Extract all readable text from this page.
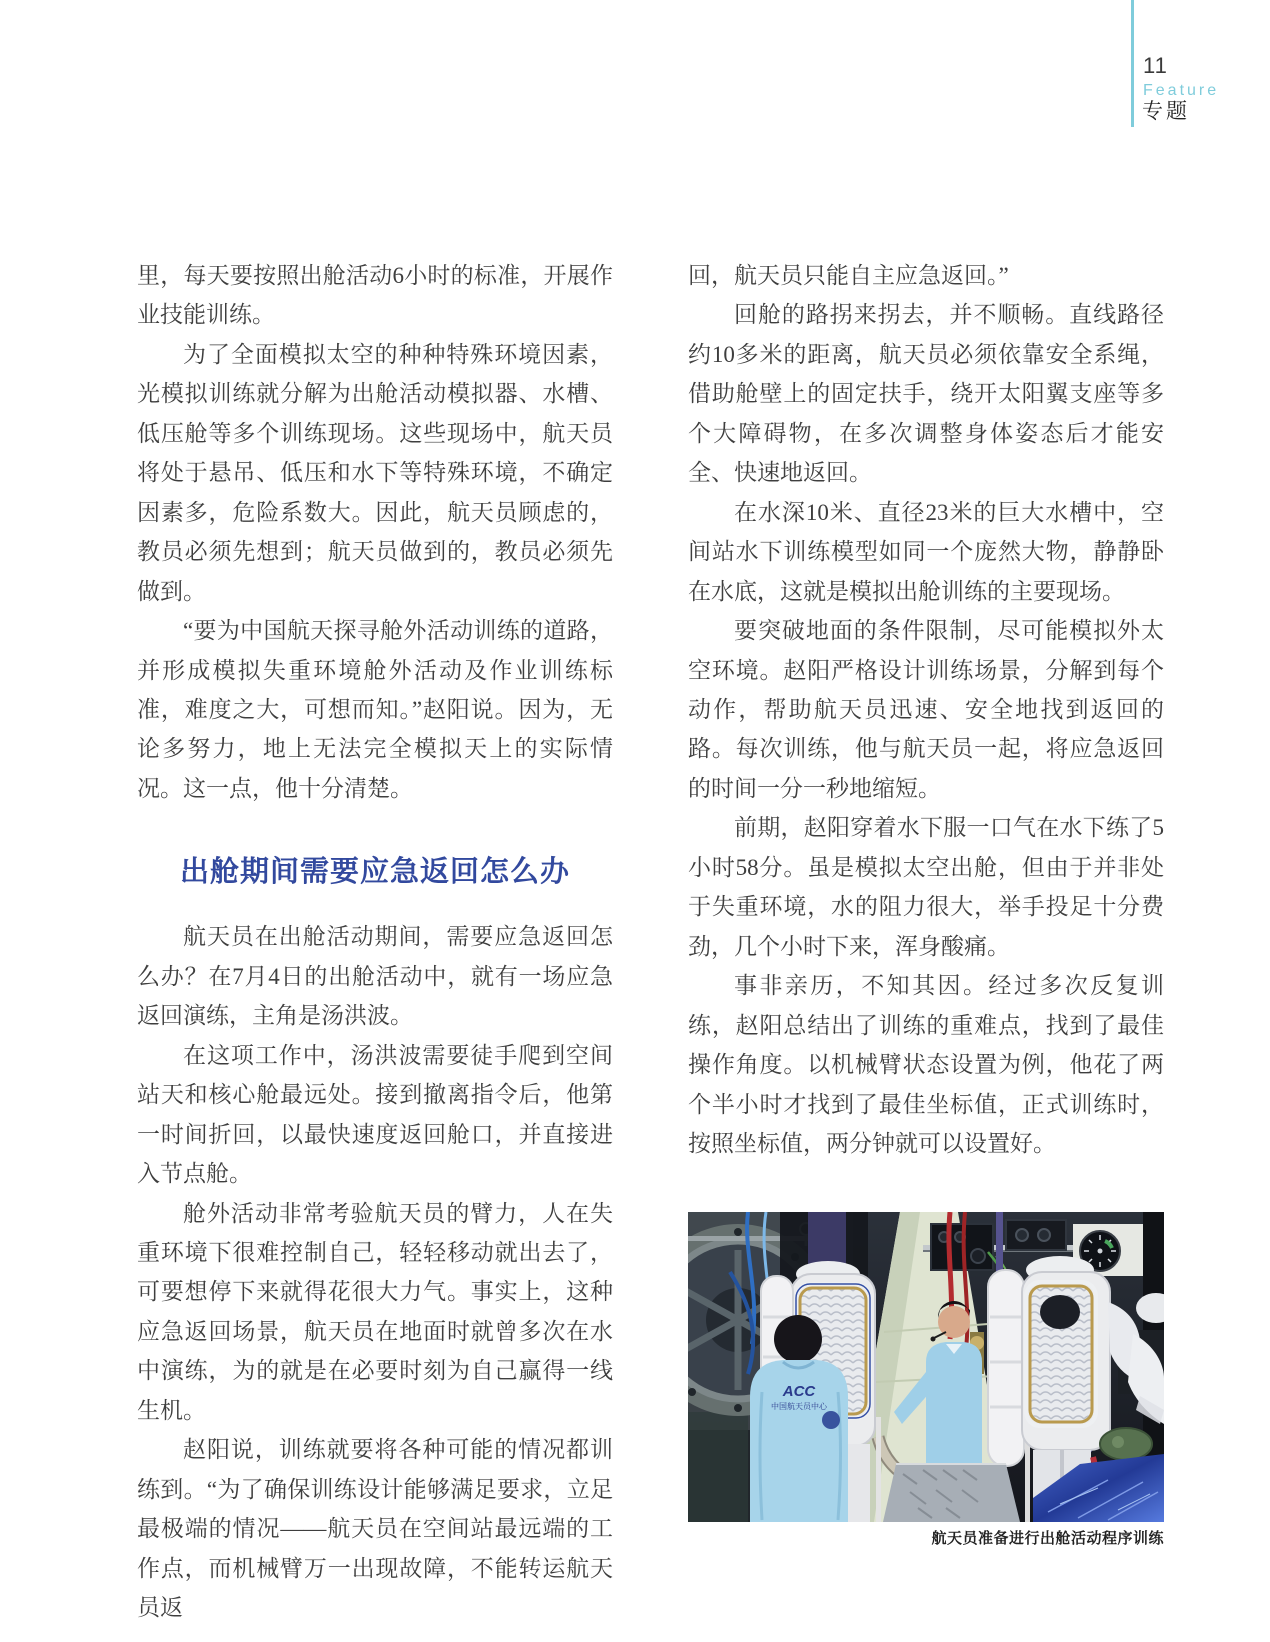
11
Feature
专题

里，每天要按照出舱活动6小时的标准，开展作业技能训练。

为了全面模拟太空的种种特殊环境因素，光模拟训练就分解为出舱活动模拟器、水槽、低压舱等多个训练现场。这些现场中，航天员将处于悬吊、低压和水下等特殊环境，不确定因素多，危险系数大。因此，航天员顾虑的，教员必须先想到；航天员做到的，教员必须先做到。

“要为中国航天探寻舱外活动训练的道路，并形成模拟失重环境舱外活动及作业训练标准，难度之大，可想而知。”赵阳说。因为，无论多努力，地上无法完全模拟天上的实际情况。这一点，他十分清楚。

出舱期间需要应急返回怎么办

航天员在出舱活动期间，需要应急返回怎么办？在7月4日的出舱活动中，就有一场应急返回演练，主角是汤洪波。

在这项工作中，汤洪波需要徒手爬到空间站天和核心舱最远处。接到撤离指令后，他第一时间折回，以最快速度返回舱口，并直接进入节点舱。

舱外活动非常考验航天员的臂力，人在失重环境下很难控制自己，轻轻移动就出去了，可要想停下来就得花很大力气。事实上，这种应急返回场景，航天员在地面时就曾多次在水中演练，为的就是在必要时刻为自己赢得一线生机。

赵阳说，训练就要将各种可能的情况都训练到。“为了确保训练设计能够满足要求，立足最极端的情况——航天员在空间站最远端的工作点，而机械臂万一出现故障，不能转运航天员返

回，航天员只能自主应急返回。”

回舱的路拐来拐去，并不顺畅。直线路径约10多米的距离，航天员必须依靠安全系绳，借助舱壁上的固定扶手，绕开太阳翼支座等多个大障碍物，在多次调整身体姿态后才能安全、快速地返回。

在水深10米、直径23米的巨大水槽中，空间站水下训练模型如同一个庞然大物，静静卧在水底，这就是模拟出舱训练的主要现场。

要突破地面的条件限制，尽可能模拟外太空环境。赵阳严格设计训练场景，分解到每个动作，帮助航天员迅速、安全地找到返回的路。每次训练，他与航天员一起，将应急返回的时间一分一秒地缩短。

前期，赵阳穿着水下服一口气在水下练了5小时58分。虽是模拟太空出舱，但由于并非处于失重环境，水的阻力很大，举手投足十分费劲，几个小时下来，浑身酸痛。

事非亲历，不知其因。经过多次反复训练，赵阳总结出了训练的重难点，找到了最佳操作角度。以机械臂状态设置为例，他花了两个半小时才找到了最佳坐标值，正式训练时，按照坐标值，两分钟就可以设置好。

ACC
中国航天员中心
航天员准备进行出舱活动程序训练
